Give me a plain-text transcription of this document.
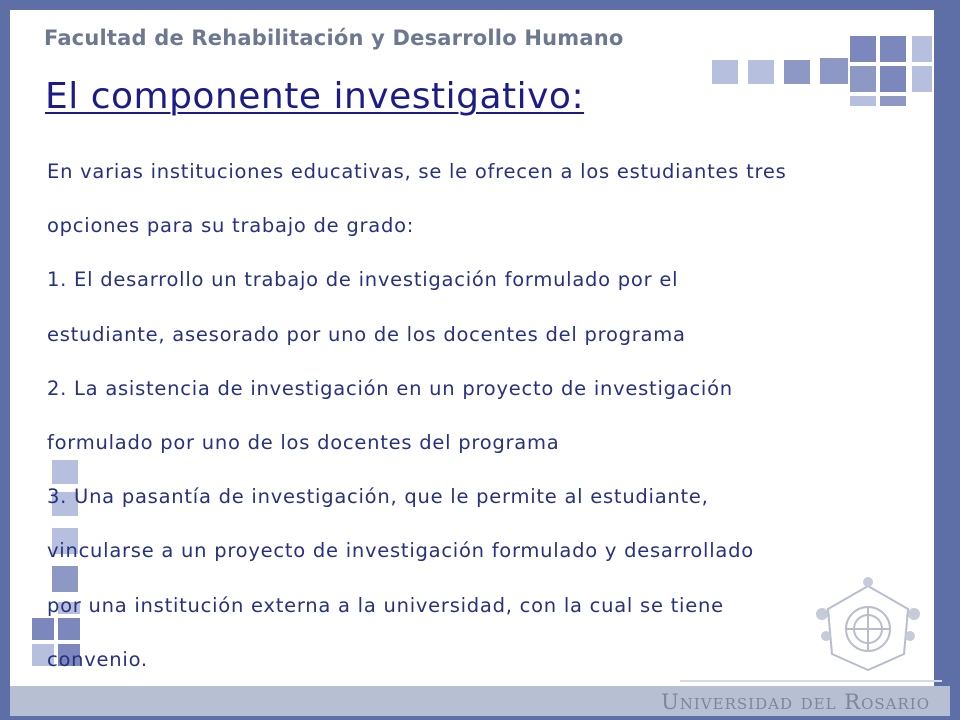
Facultad de Rehabilitación y Desarrollo Humano
El componente investigativo:
En varias instituciones educativas, se le ofrecen a los estudiantes tres
opciones para su trabajo de grado:
1. El desarrollo un trabajo de investigación formulado por el
estudiante, asesorado por uno de los docentes del programa
2. La asistencia de investigación en un proyecto de investigación
formulado por uno de los docentes del programa
3. Una pasantía de investigación, que le permite al estudiante,
vincularse a un proyecto de investigación formulado y desarrollado
por una institución externa a la universidad, con la cual se tiene
convenio.
Universidad del Rosario
